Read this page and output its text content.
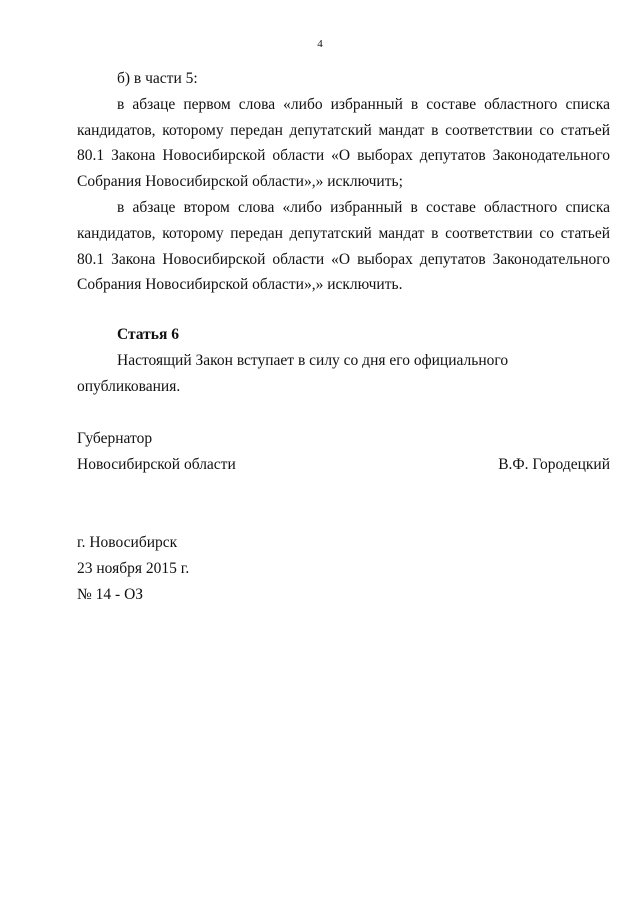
4

б) в части 5:

в абзаце первом слова «либо избранный в составе областного списка кандидатов, которому передан депутатский мандат в соответствии со статьей 80.1 Закона Новосибирской области «О выборах депутатов Законодательного Собрания Новосибирской области»,» исключить;

в абзаце втором слова «либо избранный в составе областного списка кандидатов, которому передан депутатский мандат в соответствии со статьей 80.1 Закона Новосибирской области «О выборах депутатов Законодательного Собрания Новосибирской области»,» исключить.

Статья 6

Настоящий Закон вступает в силу со дня его официального опубликования.

Губернатор

Новосибирской области	В.Ф. Городецкий

г. Новосибирск

23 ноября 2015 г.

№ 14 - ОЗ
